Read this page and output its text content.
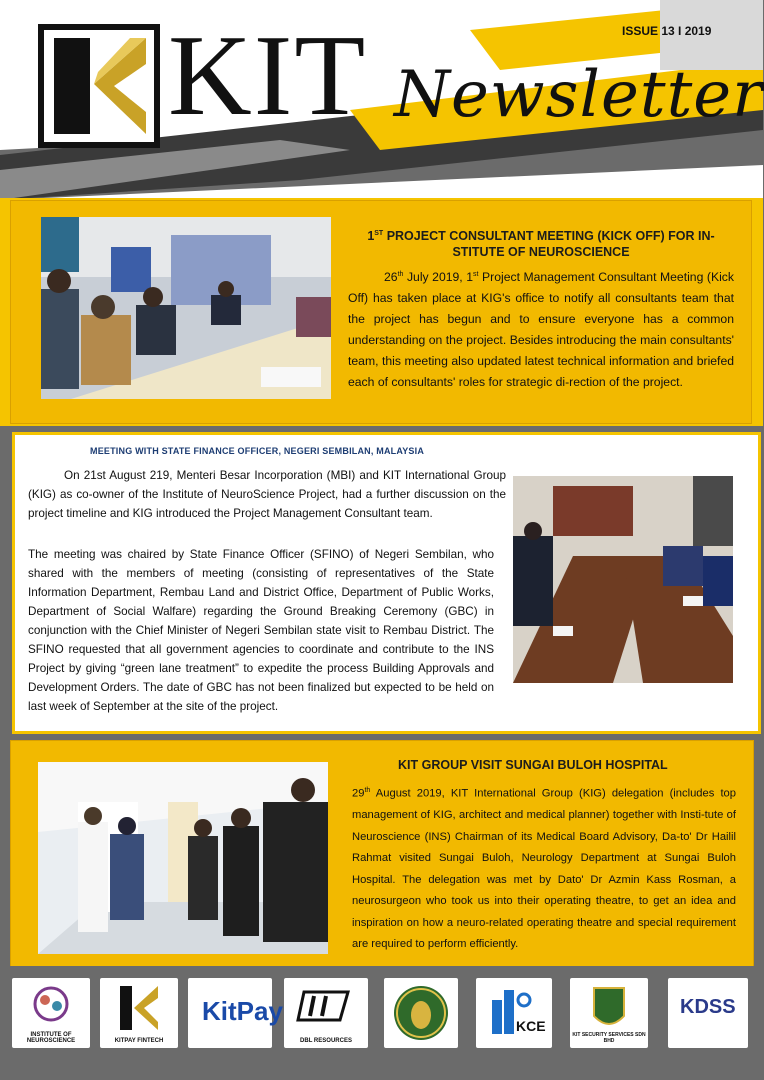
ISSUE 13 I 2019
KIT Newsletter
1ST PROJECT CONSULTANT MEETING (KICK OFF) FOR IN-STITUTE OF NEUROSCIENCE
26th July 2019, 1st Project Management Consultant Meeting (Kick Off) has taken place at KIG's office to notify all consultants team that the project has begun and to ensure everyone has a common understanding on the project. Besides introducing the main consultants' team, this meeting also updated latest technical information and briefed each of consultants' roles for strategic di-rection of the project.
MEETING WITH STATE FINANCE OFFICER, NEGERI SEMBILAN, MALAYSIA
On 21st August 219, Menteri Besar Incorporation (MBI) and KIT International Group (KIG) as co-owner of the Institute of NeuroScience Project, had a further discussion on the project timeline and KIG introduced the Project Management Consultant team.
The meeting was chaired by State Finance Officer (SFINO) of Negeri Sembilan, who shared with the members of meeting (consisting of representatives of the State Information Department, Rembau Land and District Office, Department of Public Works, Department of Social Walfare) regarding the Ground Breaking Ceremony (GBC) in conjunction with the Chief Minister of Negeri Sembilan state visit to Rembau District. The SFINO requested that all government agencies to coordinate and contribute to the INS Project by giving “green lane treatment” to expedite the process Building Approvals and Development Orders. The date of GBC has not been finalized but expected to be held on last week of September at the site of the project.
KIT GROUP VISIT SUNGAI BULOH HOSPITAL
29th August 2019, KIT International Group (KIG) delegation (includes top management of KIG, architect and medical planner) together with Insti-tute of Neuroscience (INS) Chairman of its Medical Board Advisory, Da-to' Dr Hailil Rahmat visited Sungai Buloh, Neurology Department at Sungai Buloh Hospital. The delegation was met by Dato' Dr Azmin Kass Rosman, a neurosurgeon who took us into their operating theatre, to get an idea and inspiration on how a neuro-related operating theatre and special requirement are required to perform efficiently.
INSTITUTE OF NEUROSCIENCE	KITPAY FINTECH
KitPay
DBL RESOURCES
KCE
KIT SECURITY SERVICES SDN BHD
KDSS
